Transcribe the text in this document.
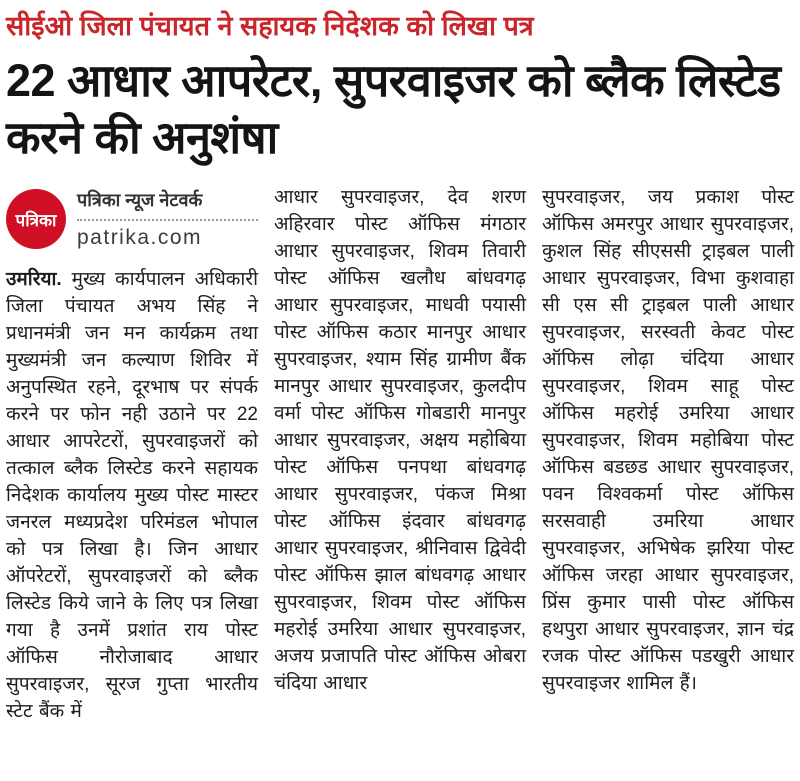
सीईओ जिला पंचायत ने सहायक निदेशक को लिखा पत्र
22 आधार आपरेटर, सुपरवाइजर को ब्लैक लिस्टेड करने की अनुशंषा
पत्रिका
पत्रिका न्यूज नेटवर्क
patrika.com

उमरिया. मुख्य कार्यपालन अधिकारी जिला पंचायत अभय सिंह ने प्रधानमंत्री जन मन कार्यक्रम तथा मुख्यमंत्री जन कल्याण शिविर में अनुपस्थित रहने, दूरभाष पर संपर्क करने पर फोन नही उठाने पर 22 आधार आपरेटरों, सुपरवाइजरों को तत्काल ब्लैक लिस्टेड करने सहायक निदेशक कार्यालय मुख्य पोस्ट मास्टर जनरल मध्यप्रदेश परिमंडल भोपाल को पत्र लिखा है। जिन आधार ऑपरेटरों, सुपरवाइजरों को ब्लैक लिस्टेड किये जाने के लिए पत्र लिखा गया है उनमें प्रशांत राय पोस्ट ऑफिस नौरोजाबाद आधार सुपरवाइजर, सूरज गुप्ता भारतीय स्टेट बैंक में

आधार सुपरवाइजर, देव शरण अहिरवार पोस्ट ऑफिस मंगठार आधार सुपरवाइजर, शिवम तिवारी पोस्ट ऑफिस खलौध बांधवगढ़ आधार सुपरवाइजर, माधवी पयासी पोस्ट ऑफिस कठार मानपुर आधार सुपरवाइजर, श्याम सिंह ग्रामीण बैंक मानपुर आधार सुपरवाइजर, कुलदीप वर्मा पोस्ट ऑफिस गोबडारी मानपुर आधार सुपरवाइजर, अक्षय महोबिया पोस्ट ऑफिस पनपथा बांधवगढ़ आधार सुपरवाइजर, पंकज मिश्रा पोस्ट ऑफिस इंदवार बांधवगढ़ आधार सुपरवाइजर, श्रीनिवास द्विवेदी पोस्ट ऑफिस झाल बांधवगढ़ आधार सुपरवाइजर, शिवम पोस्ट ऑफिस महरोई उमरिया आधार सुपरवाइजर, अजय प्रजापति पोस्ट ऑफिस ओबरा चंदिया आधार

सुपरवाइजर, जय प्रकाश पोस्ट ऑफिस अमरपुर आधार सुपरवाइजर, कुशल सिंह सीएससी ट्राइबल पाली आधार सुपरवाइजर, विभा कुशवाहा सी एस सी ट्राइबल पाली आधार सुपरवाइजर, सरस्वती केवट पोस्ट ऑफिस लोढ़ा चंदिया आधार सुपरवाइजर, शिवम साहू पोस्ट ऑफिस महरोई उमरिया आधार सुपरवाइजर, शिवम महोबिया पोस्ट ऑफिस बडछड आधार सुपरवाइजर, पवन विश्वकर्मा पोस्ट ऑफिस सरसवाही उमरिया आधार सुपरवाइजर, अभिषेक झरिया पोस्ट ऑफिस जरहा आधार सुपरवाइजर, प्रिंस कुमार पासी पोस्ट ऑफिस हथपुरा आधार सुपरवाइजर, ज्ञान चंद्र रजक पोस्ट ऑफिस पडखुरी आधार सुपरवाइजर शामिल हैं।
